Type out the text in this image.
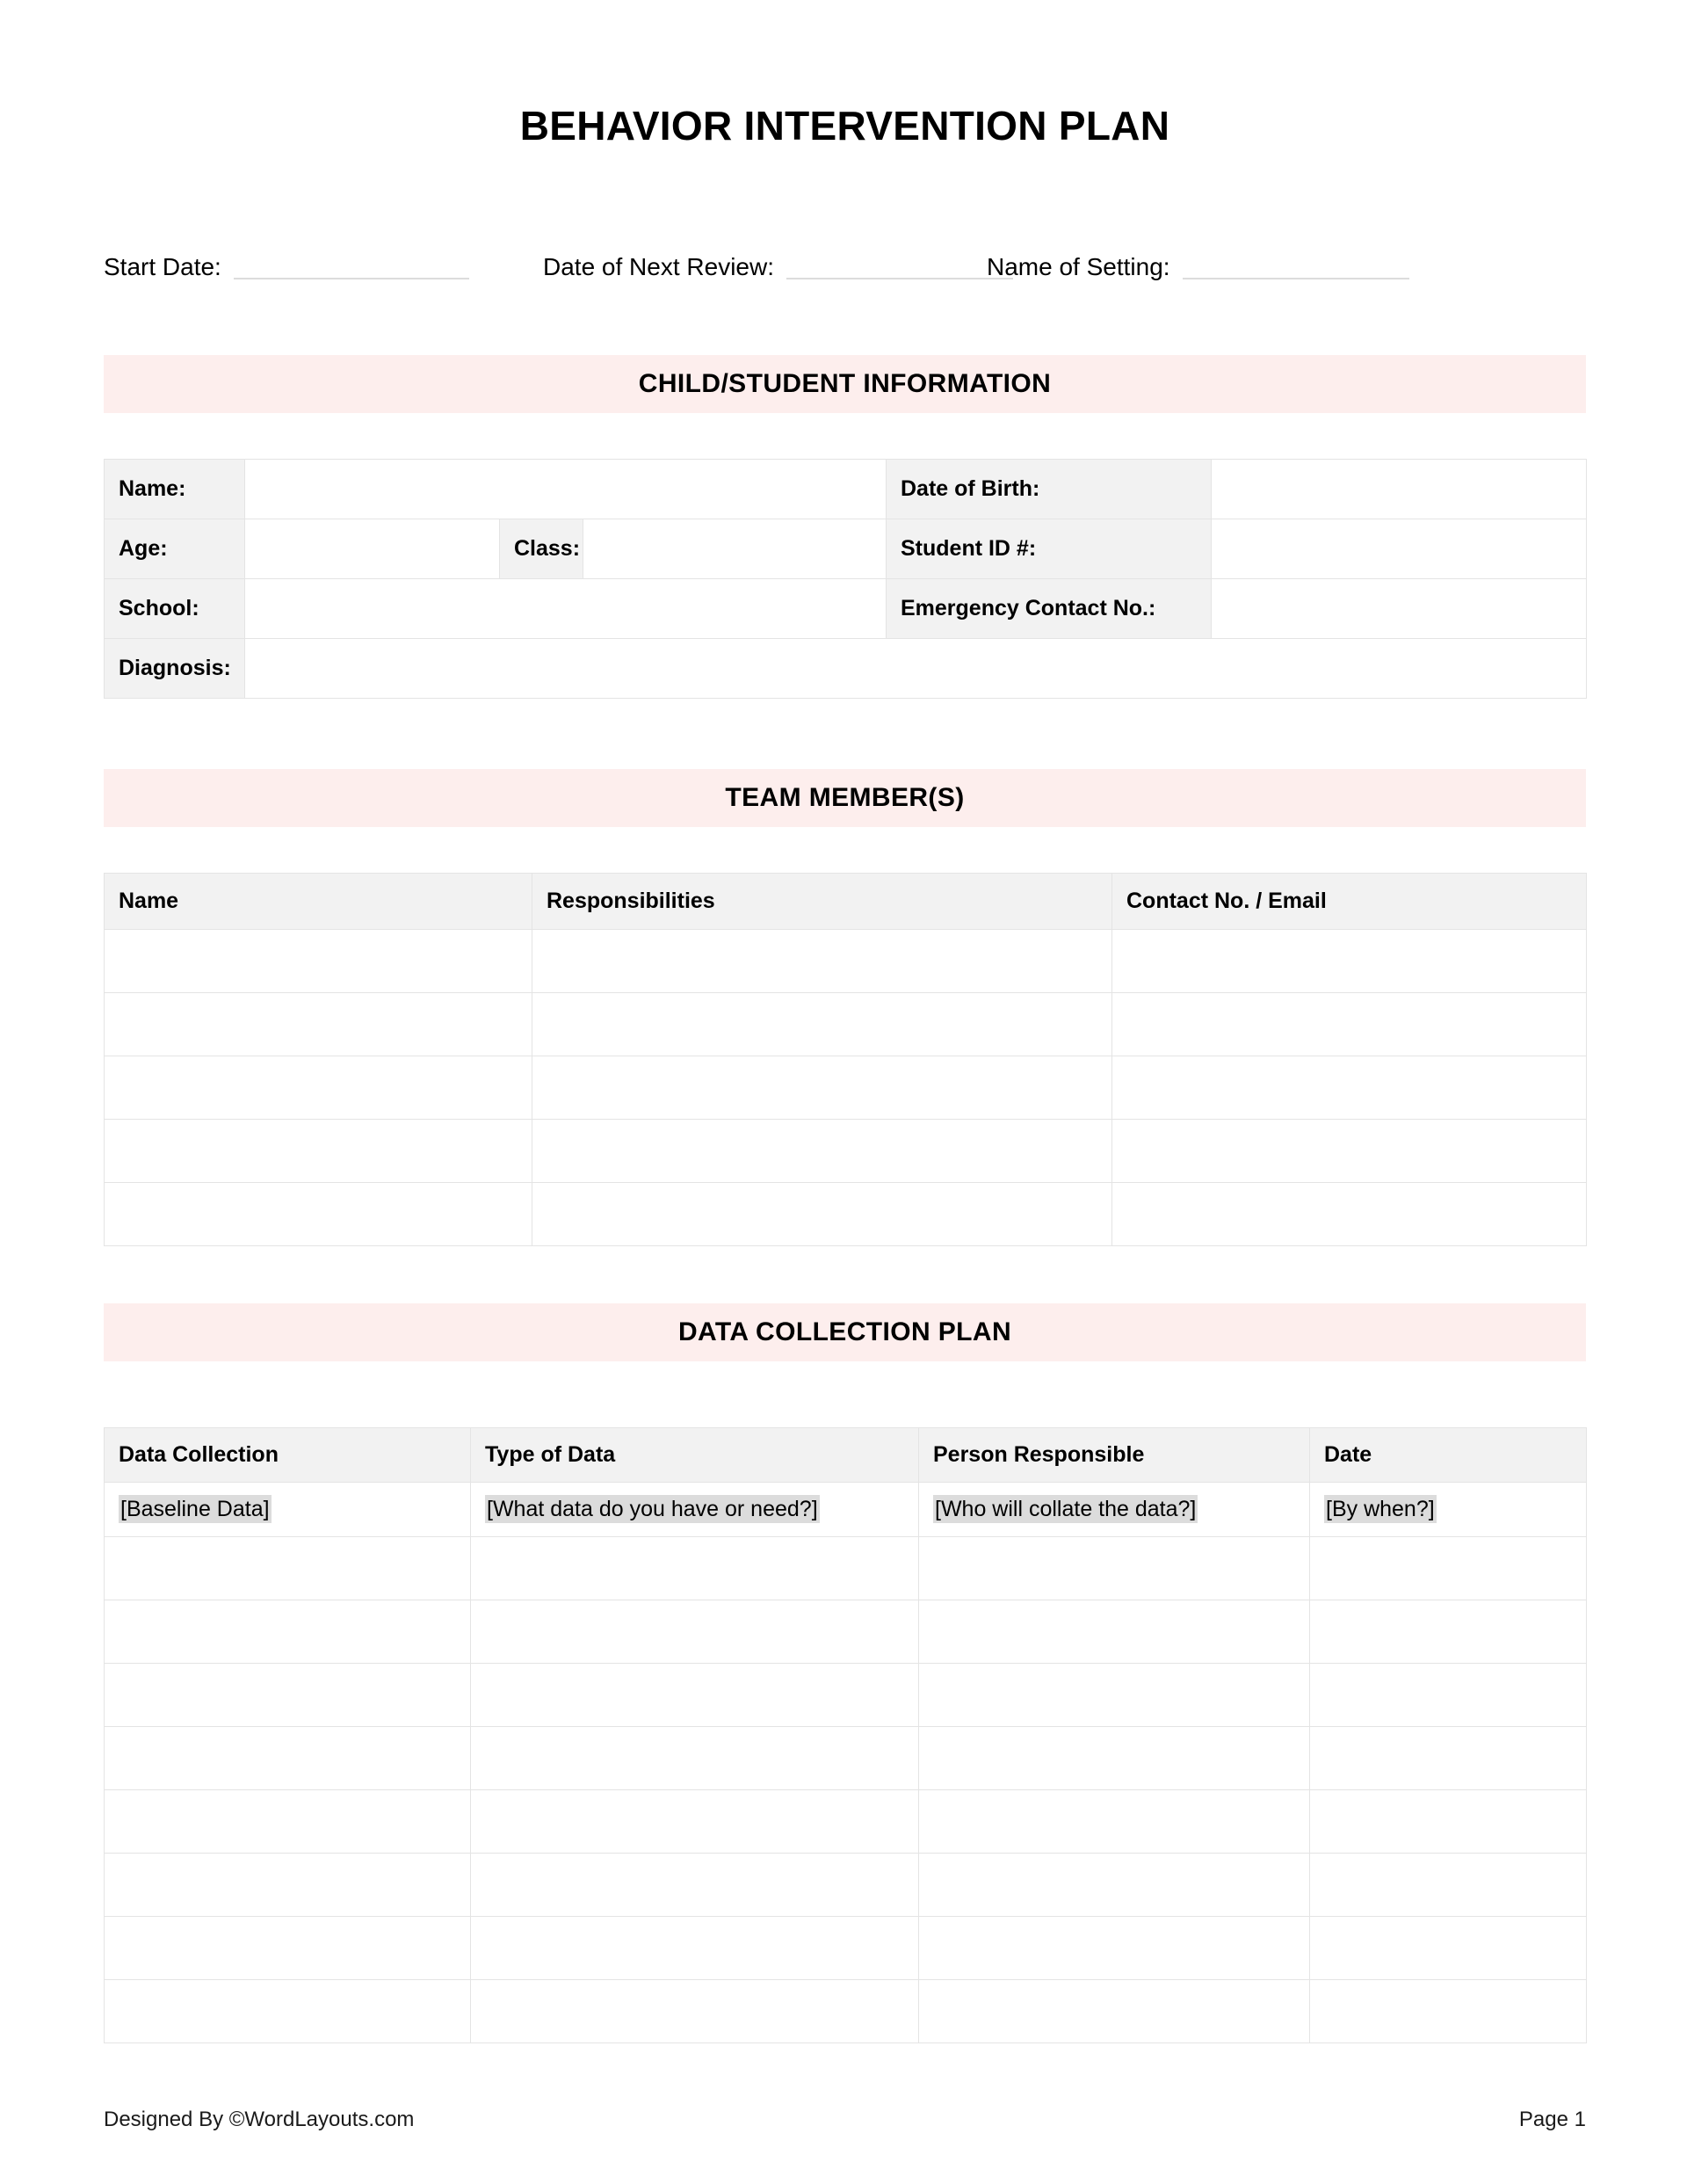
BEHAVIOR INTERVENTION PLAN
Start Date:	Date of Next Review:	Name of Setting:
CHILD/STUDENT INFORMATION
Name:				Date of Birth:	
Age:		Class:		Student ID #:	
School:				Emergency Contact No.:	
Diagnosis:					
TEAM MEMBER(S)
Name	Responsibilities	Contact No. / Email

DATA COLLECTION PLAN
Data Collection	Type of Data	Person Responsible	Date
[Baseline Data]	[What data do you have or need?]	[Who will collate the data?]	[By when?]

Designed By ©WordLayouts.com	Page 1
